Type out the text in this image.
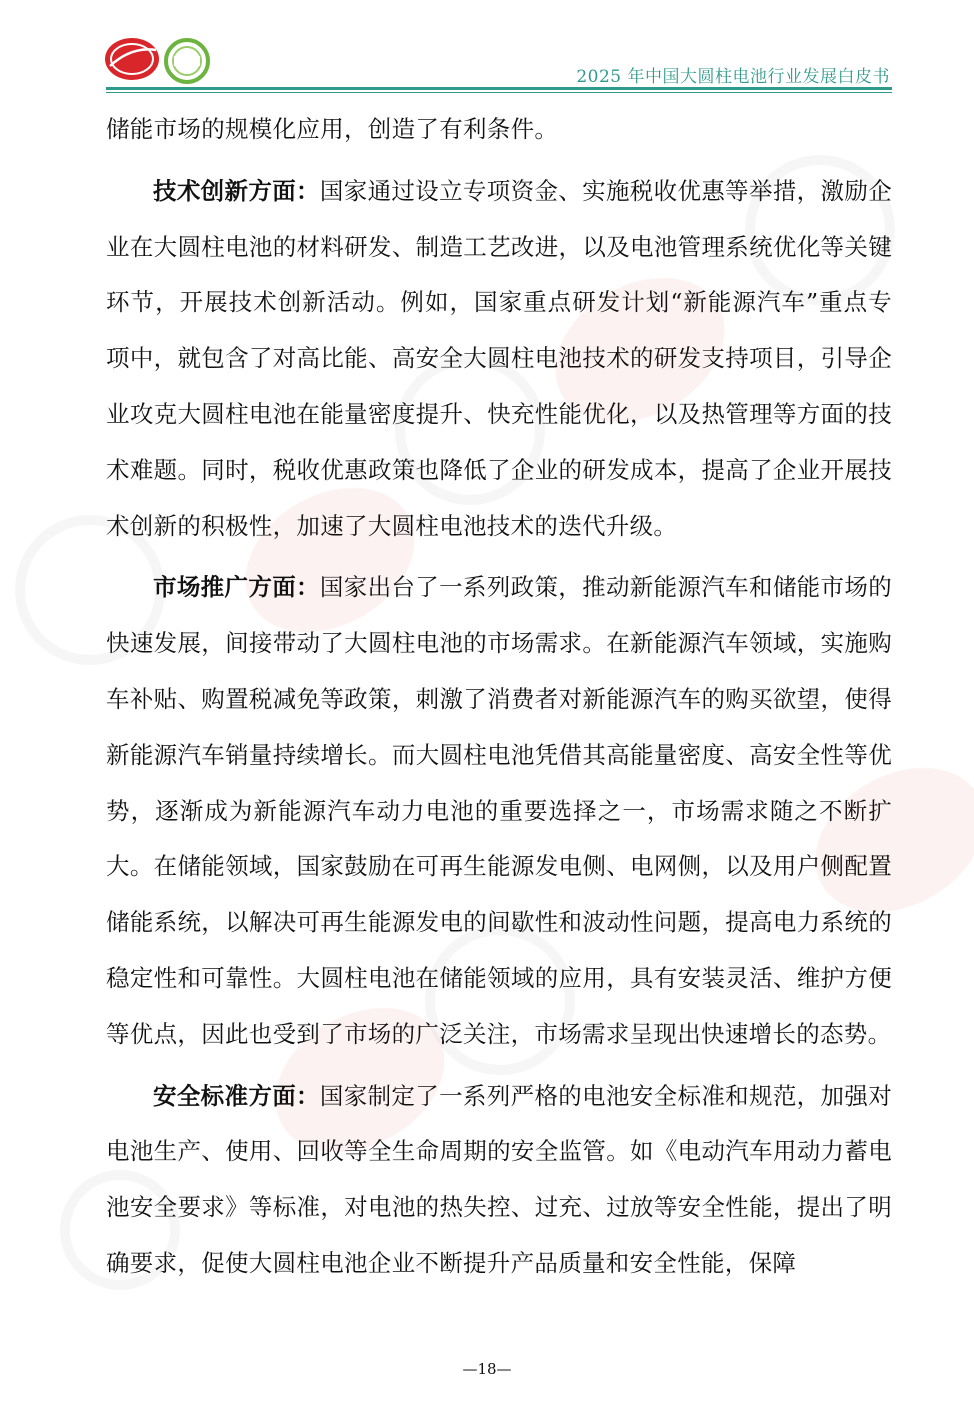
2025 年中国大圆柱电池行业发展白皮书

储能市场的规模化应用，创造了有利条件。

技术创新方面：国家通过设立专项资金、实施税收优惠等举措，激励企业在大圆柱电池的材料研发、制造工艺改进，以及电池管理系统优化等关键环节，开展技术创新活动。例如，国家重点研发计划“新能源汽车”重点专项中，就包含了对高比能、高安全大圆柱电池技术的研发支持项目，引导企业攻克大圆柱电池在能量密度提升、快充性能优化，以及热管理等方面的技术难题。同时，税收优惠政策也降低了企业的研发成本，提高了企业开展技术创新的积极性，加速了大圆柱电池技术的迭代升级。

市场推广方面：国家出台了一系列政策，推动新能源汽车和储能市场的快速发展，间接带动了大圆柱电池的市场需求。在新能源汽车领域，实施购车补贴、购置税减免等政策，刺激了消费者对新能源汽车的购买欲望，使得新能源汽车销量持续增长。而大圆柱电池凭借其高能量密度、高安全性等优势，逐渐成为新能源汽车动力电池的重要选择之一，市场需求随之不断扩大。在储能领域，国家鼓励在可再生能源发电侧、电网侧，以及用户侧配置储能系统，以解决可再生能源发电的间歇性和波动性问题，提高电力系统的稳定性和可靠性。大圆柱电池在储能领域的应用，具有安装灵活、维护方便等优点，因此也受到了市场的广泛关注，市场需求呈现出快速增长的态势。

安全标准方面：国家制定了一系列严格的电池安全标准和规范，加强对电池生产、使用、回收等全生命周期的安全监管。如《电动汽车用动力蓄电池安全要求》等标准，对电池的热失控、过充、过放等安全性能，提出了明确要求，促使大圆柱电池企业不断提升产品质量和安全性能，保障

—18—
